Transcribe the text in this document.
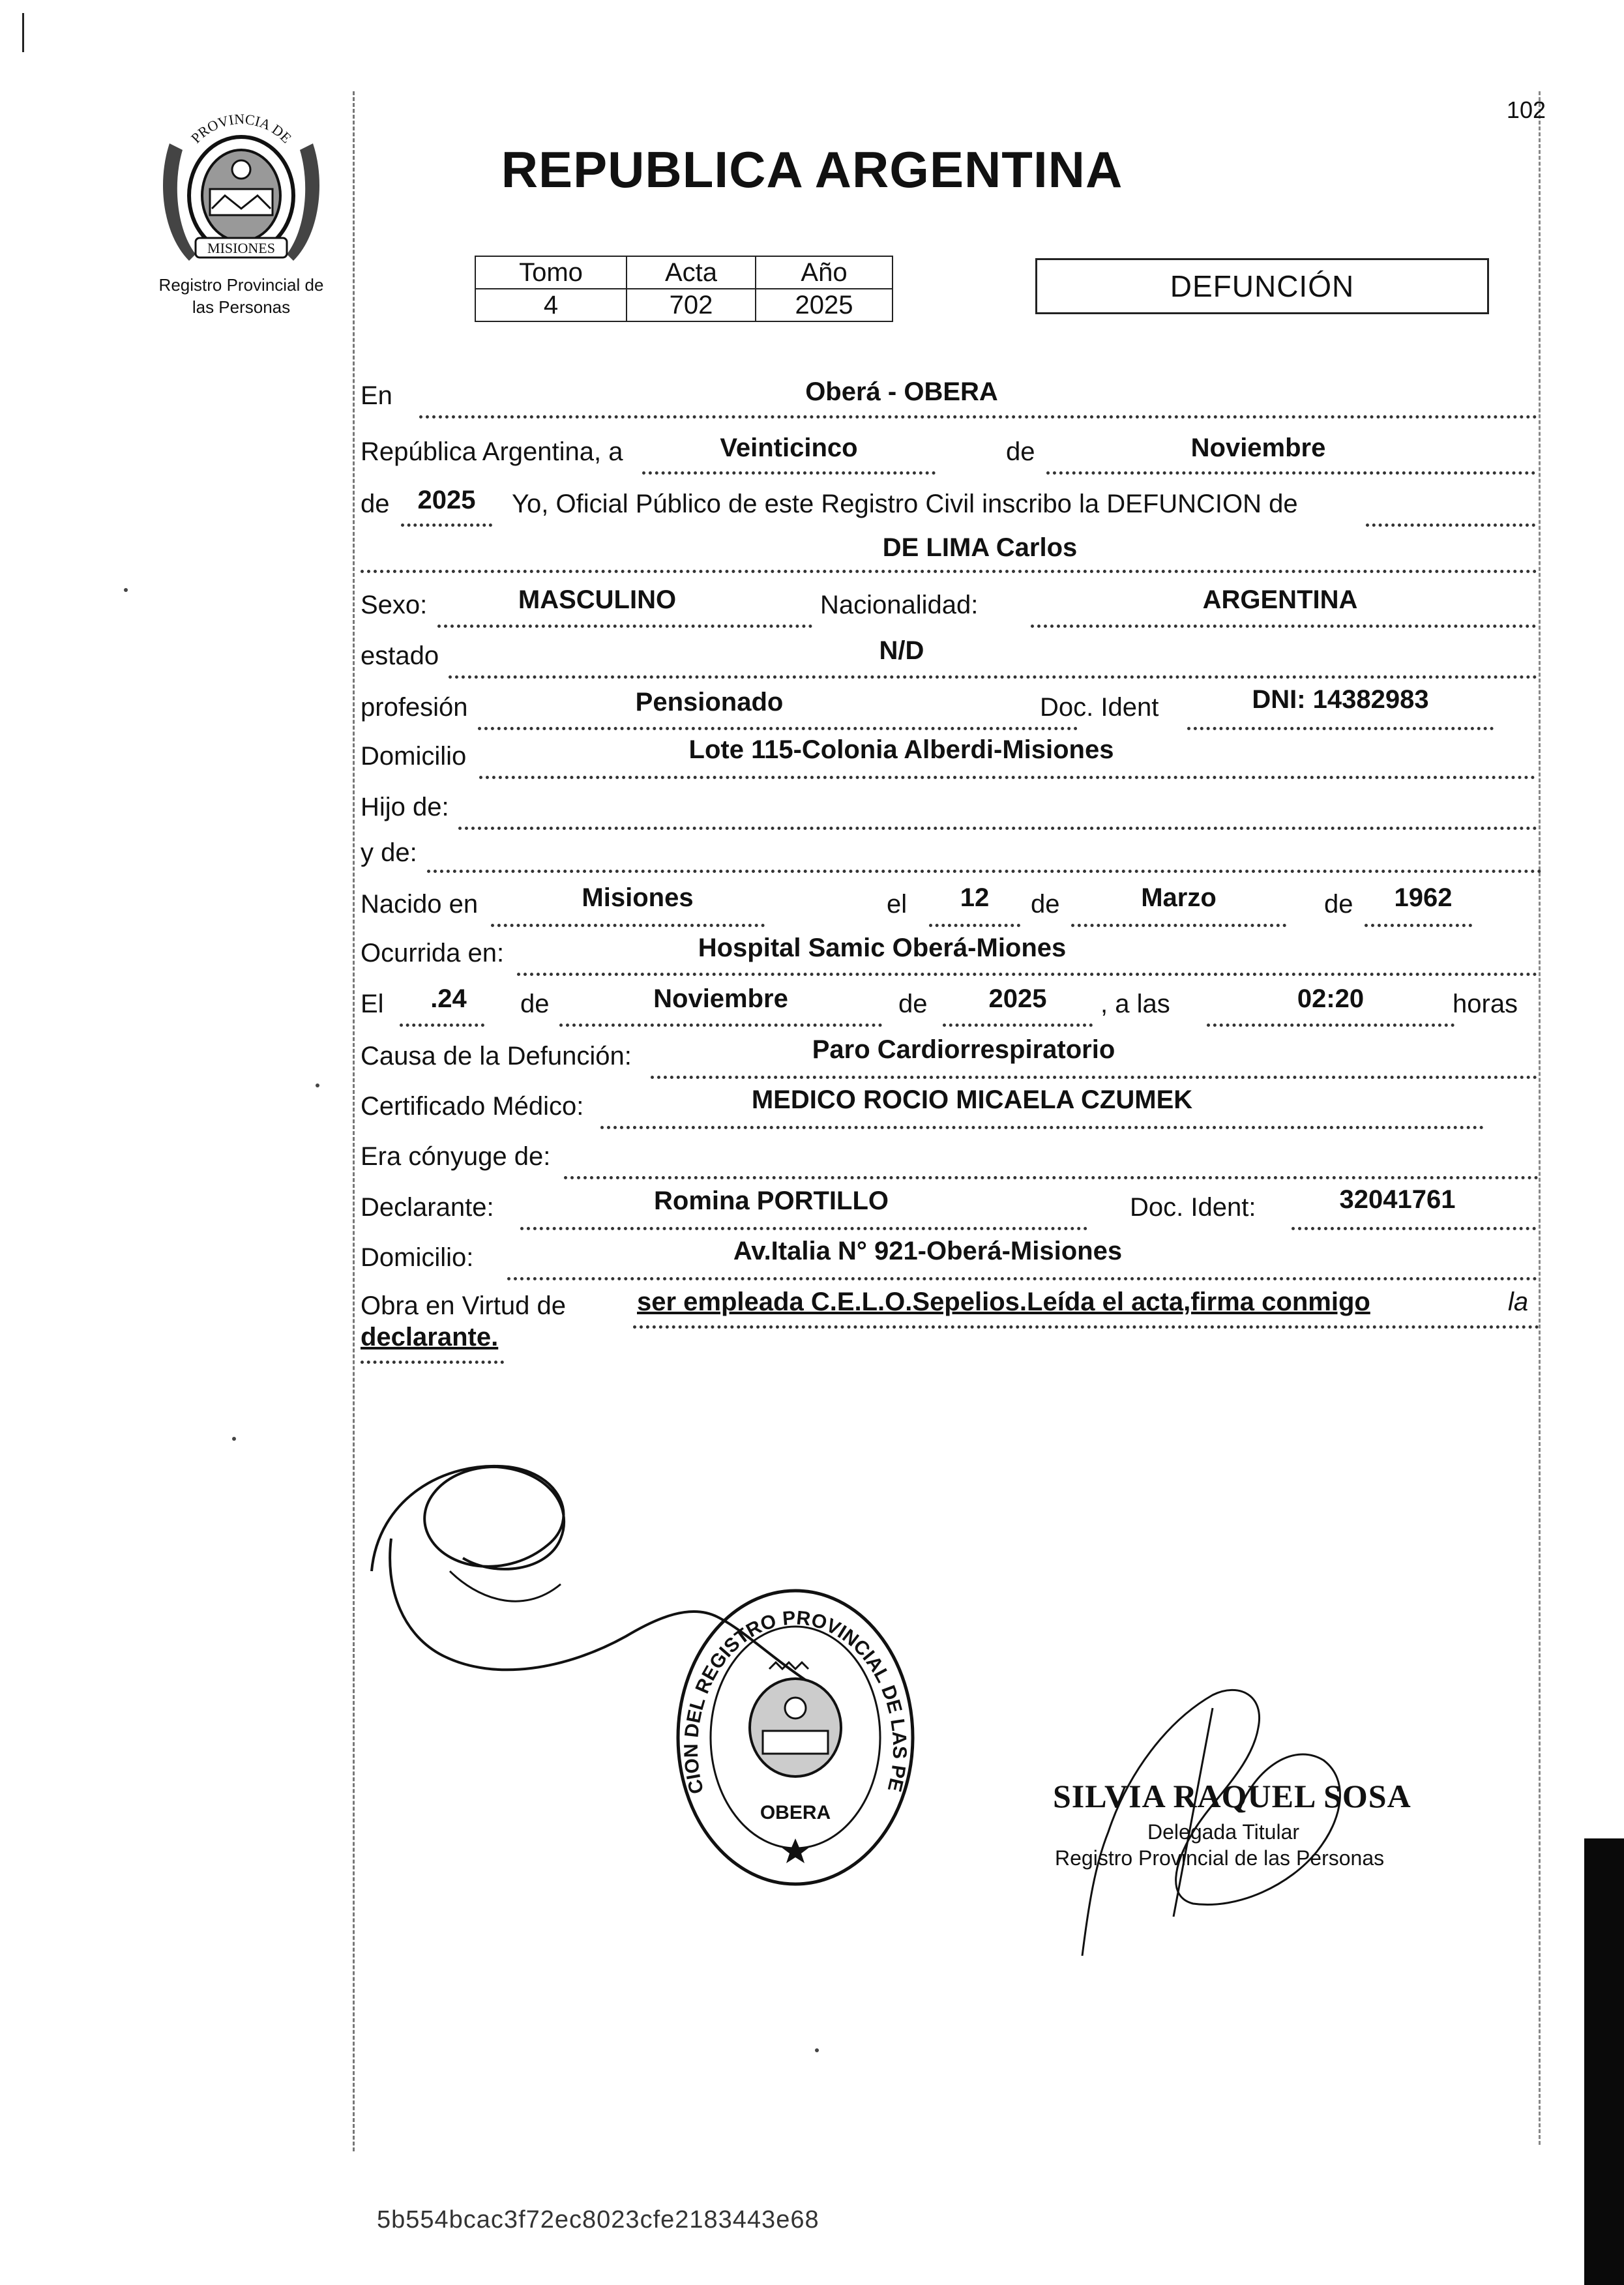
PROVINCIA DE
MISIONES
Registro Provincial de
las Personas
102
REPUBLICA ARGENTINA
Tomo	Acta	Año
4	702	2025
DEFUNCIÓN
En	Oberá - OBERA
República Argentina, a	Veinticinco	de	Noviembre
de	2025	Yo, Oficial Público de este Registro Civil inscribo la DEFUNCION de
DE LIMA Carlos
Sexo:	MASCULINO	Nacionalidad:	ARGENTINA
estado	N/D
profesión	Pensionado	Doc. Ident	DNI: 14382983
Domicilio	Lote 115-Colonia Alberdi-Misiones
Hijo de:
y de:
Nacido en	Misiones	el	12	de	Marzo	de	1962
Ocurrida en:	Hospital Samic Oberá-Miones
El	.24	de	Noviembre	de	2025	, a las	02:20	horas
Causa de la Defunción:	Paro Cardiorrespiratorio
Certificado Médico:	MEDICO ROCIO MICAELA CZUMEK
Era cónyuge de:
Declarante:	Romina PORTILLO	Doc. Ident:	32041761
Domicilio:	Av.Italia N° 921-Oberá-Misiones
Obra en Virtud de	ser empleada C.E.L.O.Sepelios.Leída el acta,firma conmigo	la
declarante.
CION DEL REGISTRO PROVINCIAL DE LAS PE
OBERA	SILVIA RAQUEL SOSA
Delegada Titular
Registro Provincial de las Personas
5b554bcac3f72ec8023cfe2183443e68
